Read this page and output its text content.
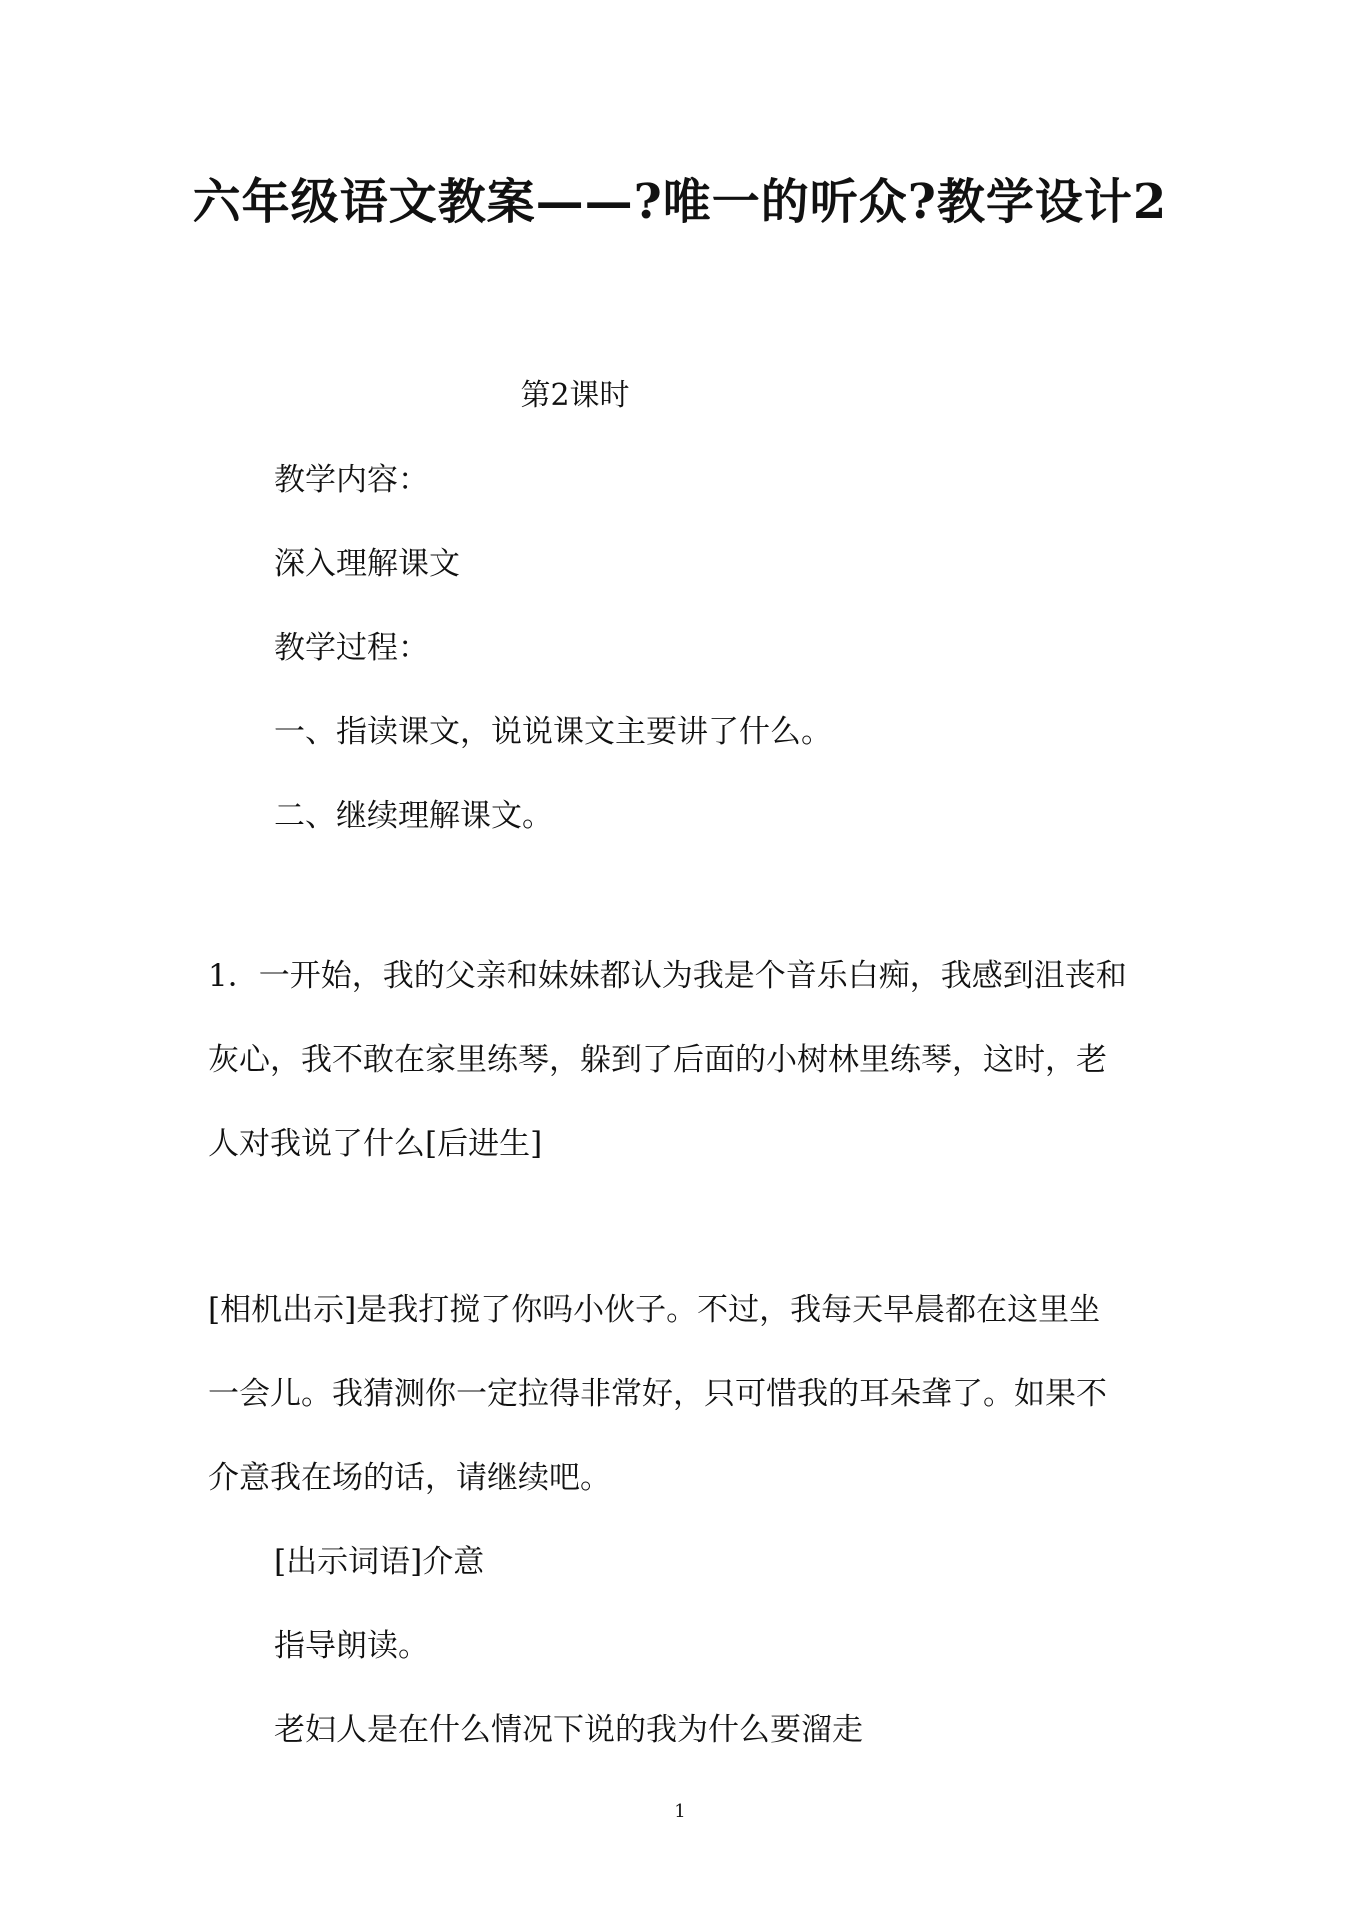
六年级语文教案——?唯一的听众?教学设计2
第2课时
教学内容：
深入理解课文
教学过程：
一、指读课文，说说课文主要讲了什么。
二、继续理解课文。
1．一开始，我的父亲和妹妹都认为我是个音乐白痴，我感到沮丧和
灰心，我不敢在家里练琴，躲到了后面的小树林里练琴，这时，老
人对我说了什么[后进生]
[相机出示]是我打搅了你吗小伙子。不过，我每天早晨都在这里坐
一会儿。我猜测你一定拉得非常好，只可惜我的耳朵聋了。如果不
介意我在场的话，请继续吧。
[出示词语]介意
指导朗读。
老妇人是在什么情况下说的我为什么要溜走
1
